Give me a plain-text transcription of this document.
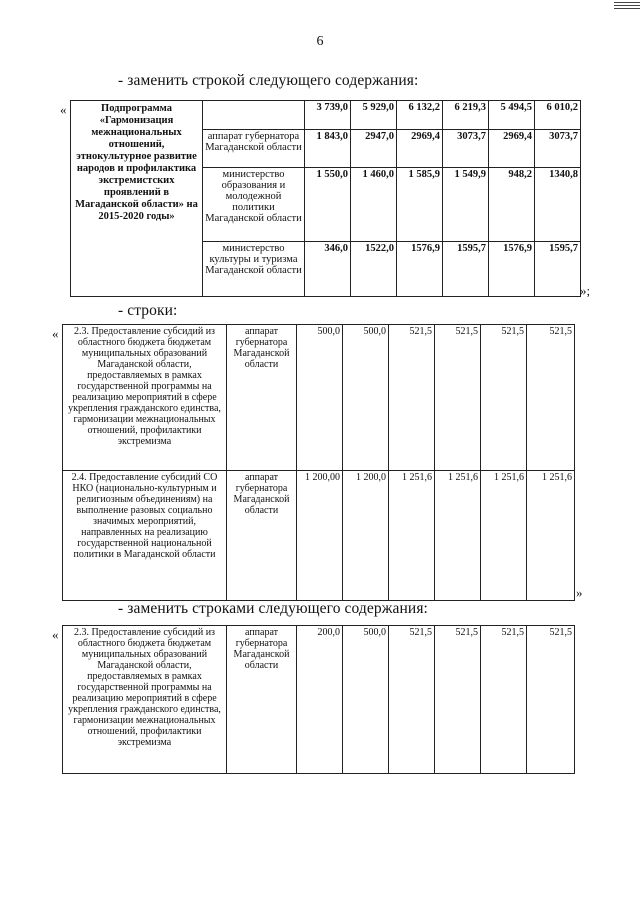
6
- заменить строкой следующего содержания:
«	Подпрограмма «Гармонизация межнациональных отношений, этнокультурное развитие народов и профилактика экстремистских проявлений в Магаданской области» на 2015-2020 годы»		3 739,0	5 929,0	6 132,2	6 219,3	5 494,5	6 010,2
	аппарат губернатора Магаданской области	1 843,0	2947,0	2969,4	3073,7	2969,4	3073,7
	министерство образования и молодежной политики Магаданской области	1 550,0	1 460,0	1 585,9	1 549,9	948,2	1340,8
	министерство культуры и туризма Магаданской области	346,0	1522,0	1576,9	1595,7	1576,9	1595,7
»;
- строки:
« 2.3. Предоставление субсидий из областного бюджета бюджетам муниципальных образований Магаданской области, предоставляемых в рамках государственной программы на реализацию мероприятий в сфере укрепления гражданского единства, гармонизации межнациональных отношений, профилактики экстремизма	аппарат губернатора Магаданской области	500,0	500,0	521,5	521,5	521,5	521,5
2.4. Предоставление субсидий СО НКО (национально-культурным и религиозным объединениям) на выполнение разовых социально значимых мероприятий, направленных на реализацию государственной национальной политики в Магаданской области	аппарат губернатора Магаданской области	1 200,00	1 200,0	1 251,6	1 251,6	1 251,6	1 251,6
»
- заменить строками следующего содержания:
« 2.3. Предоставление субсидий из областного бюджета бюджетам муниципальных образований Магаданской области, предоставляемых в рамках государственной программы на реализацию мероприятий в сфере укрепления гражданского единства, гармонизации межнациональных отношений, профилактики экстремизма	аппарат губернатора Магаданской области	200,0	500,0	521,5	521,5	521,5	521,5
